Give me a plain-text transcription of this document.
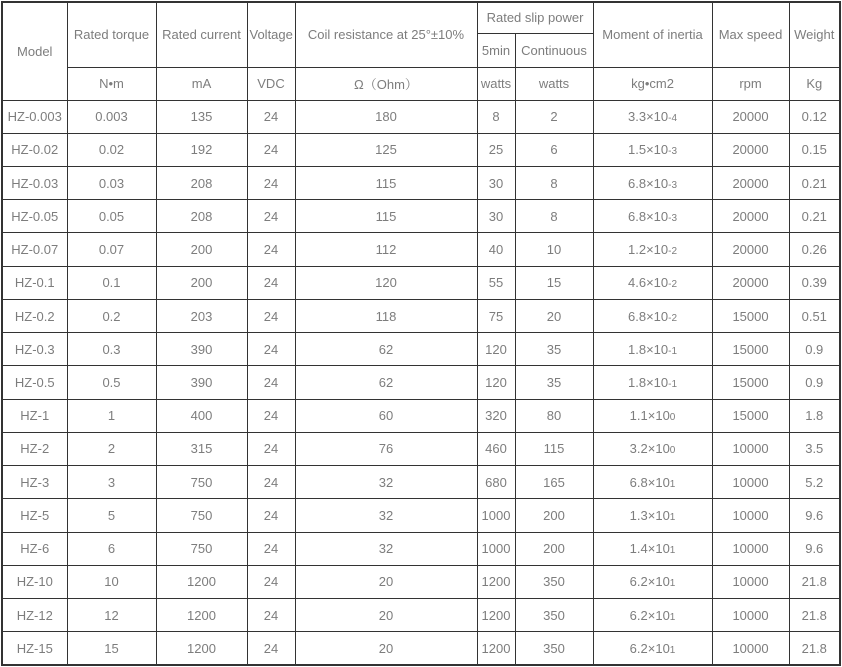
Model	Rated torque	Rated current	Voltage	Coil resistance at 25°±10%	Rated slip power		Moment of inertia	Max speed	Weight
					5min	Continuous			
	N•m	mA	VDC	Ω（Ohm）	watts	watts	kg•cm2	rpm	Kg
HZ-0.003	0.003	135	24	180	8	2	3.3×10-4	20000	0.12
HZ-0.02	0.02	192	24	125	25	6	1.5×10-3	20000	0.15
HZ-0.03	0.03	208	24	115	30	8	6.8×10-3	20000	0.21
HZ-0.05	0.05	208	24	115	30	8	6.8×10-3	20000	0.21
HZ-0.07	0.07	200	24	112	40	10	1.2×10-2	20000	0.26
HZ-0.1	0.1	200	24	120	55	15	4.6×10-2	20000	0.39
HZ-0.2	0.2	203	24	118	75	20	6.8×10-2	15000	0.51
HZ-0.3	0.3	390	24	62	120	35	1.8×10-1	15000	0.9
HZ-0.5	0.5	390	24	62	120	35	1.8×10-1	15000	0.9
HZ-1	1	400	24	60	320	80	1.1×100	15000	1.8
HZ-2	2	315	24	76	460	115	3.2×100	10000	3.5
HZ-3	3	750	24	32	680	165	6.8×101	10000	5.2
HZ-5	5	750	24	32	1000	200	1.3×101	10000	9.6
HZ-6	6	750	24	32	1000	200	1.4×101	10000	9.6
HZ-10	10	1200	24	20	1200	350	6.2×101	10000	21.8
HZ-12	12	1200	24	20	1200	350	6.2×101	10000	21.8
HZ-15	15	1200	24	20	1200	350	6.2×101	10000	21.8
